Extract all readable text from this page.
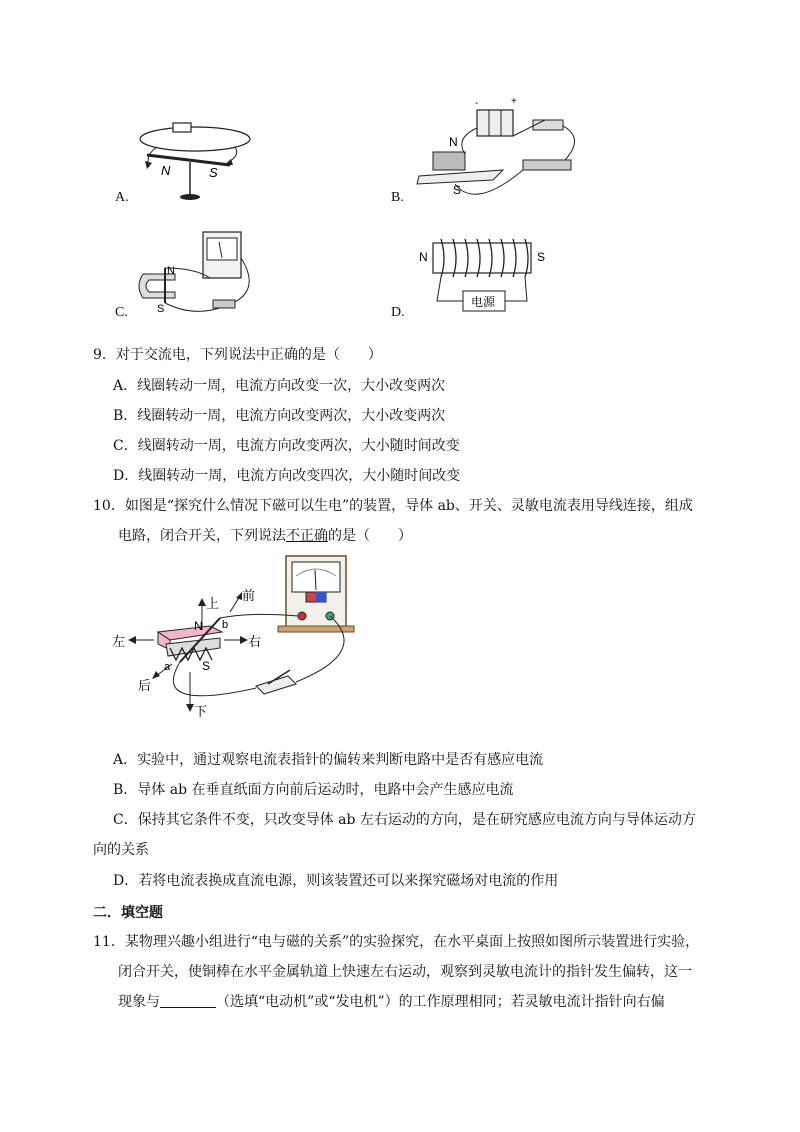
A.
N	S
B.
-	+
N
S
C.
N
S	D.
电源
N	S
9．对于交流电，下列说法中正确的是（　　）
A．线圈转动一周，电流方向改变一次，大小改变两次
B．线圈转动一周，电流方向改变两次，大小改变两次
C．线圈转动一周，电流方向改变两次，大小随时间改变
D．线圈转动一周，电流方向改变四次，大小随时间改变
10．如图是“探究什么情况下磁可以生电”的装置，导体 ab、开关、灵敏电流表用导线连接，组成
电路，闭合开关，下列说法不正确的是（　　）
上
下
左	右
前
后
N
S
a
b
A．实验中，通过观察电流表指针的偏转来判断电路中是否有感应电流
B．导体 ab 在垂直纸面方向前后运动时，电路中会产生感应电流
C．保持其它条件不变，只改变导体 ab 左右运动的方向，是在研究感应电流方向与导体运动方
向的关系
D．若将电流表换成直流电源，则该装置还可以来探究磁场对电流的作用
二．填空题
11．某物理兴趣小组进行“电与磁的关系”的实验探究，在水平桌面上按照如图所示装置进行实验，
闭合开关，使铜棒在水平金属轨道上快速左右运动，观察到灵敏电流计的指针发生偏转，这一
现象与	（选填“电动机”或“发电机”）的工作原理相同；若灵敏电流计指针向右偏
